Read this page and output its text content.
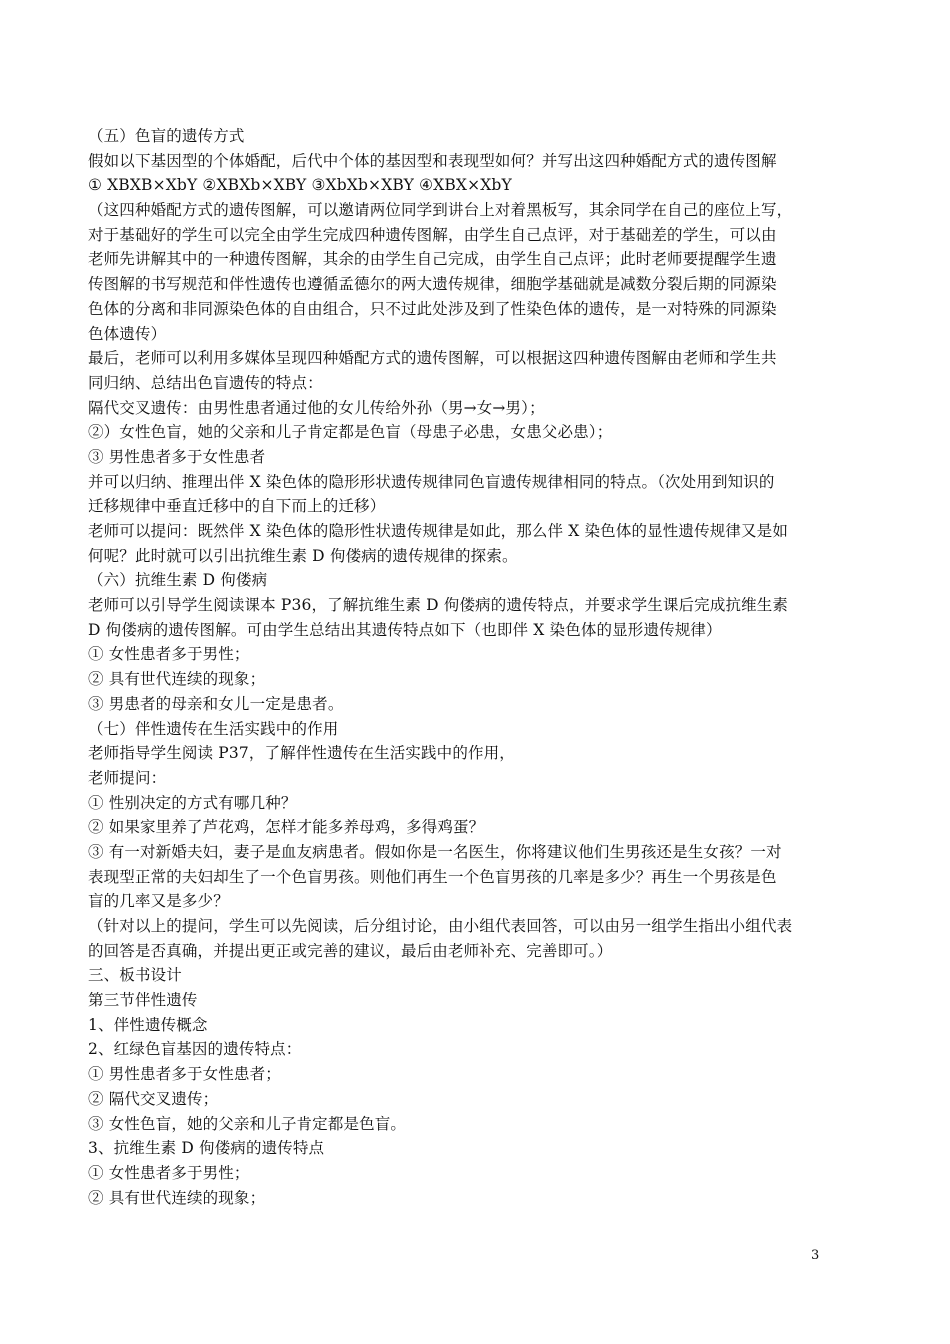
（五）色盲的遗传方式

假如以下基因型的个体婚配，后代中个体的基因型和表现型如何？并写出这四种婚配方式的遗传图解

① XBXB×XbY ②XBXb×XBY ③XbXb×XBY ④XBX×XbY

（这四种婚配方式的遗传图解，可以邀请两位同学到讲台上对着黑板写，其余同学在自己的座位上写，

对于基础好的学生可以完全由学生完成四种遗传图解，由学生自己点评，对于基础差的学生，可以由

老师先讲解其中的一种遗传图解，其余的由学生自己完成，由学生自己点评；此时老师要提醒学生遗

传图解的书写规范和伴性遗传也遵循孟德尔的两大遗传规律，细胞学基础就是减数分裂后期的同源染

色体的分离和非同源染色体的自由组合，只不过此处涉及到了性染色体的遗传，是一对特殊的同源染

色体遗传）

最后，老师可以利用多媒体呈现四种婚配方式的遗传图解，可以根据这四种遗传图解由老师和学生共

同归纳、总结出色盲遗传的特点：

隔代交叉遗传：由男性患者通过他的女儿传给外孙（男→女→男）；

②）女性色盲，她的父亲和儿子肯定都是色盲（母患子必患，女患父必患）；

③ 男性患者多于女性患者

并可以归纳、推理出伴 X 染色体的隐形形状遗传规律同色盲遗传规律相同的特点。（次处用到知识的

迁移规律中垂直迁移中的自下而上的迁移）

老师可以提问：既然伴 X 染色体的隐形性状遗传规律是如此，那么伴 X 染色体的显性遗传规律又是如

何呢？此时就可以引出抗维生素 D 佝偻病的遗传规律的探索。

（六）抗维生素 D 佝偻病

老师可以引导学生阅读课本 P36，了解抗维生素 D 佝偻病的遗传特点，并要求学生课后完成抗维生素

D 佝偻病的遗传图解。可由学生总结出其遗传特点如下（也即伴 X 染色体的显形遗传规律）

① 女性患者多于男性；

② 具有世代连续的现象；

③ 男患者的母亲和女儿一定是患者。

（七）伴性遗传在生活实践中的作用

老师指导学生阅读 P37，了解伴性遗传在生活实践中的作用，

老师提问：

① 性别决定的方式有哪几种？

② 如果家里养了芦花鸡，怎样才能多养母鸡，多得鸡蛋？

③ 有一对新婚夫妇，妻子是血友病患者。假如你是一名医生，你将建议他们生男孩还是生女孩？一对

表现型正常的夫妇却生了一个色盲男孩。则他们再生一个色盲男孩的几率是多少？再生一个男孩是色

盲的几率又是多少？

（针对以上的提问，学生可以先阅读，后分组讨论，由小组代表回答，可以由另一组学生指出小组代表

的回答是否真确，并提出更正或完善的建议，最后由老师补充、完善即可。）

三、板书设计

第三节伴性遗传

1、伴性遗传概念

2、红绿色盲基因的遗传特点：

① 男性患者多于女性患者；

② 隔代交叉遗传；

③ 女性色盲，她的父亲和儿子肯定都是色盲。

3、抗维生素 D 佝偻病的遗传特点

① 女性患者多于男性；

② 具有世代连续的现象；

3
